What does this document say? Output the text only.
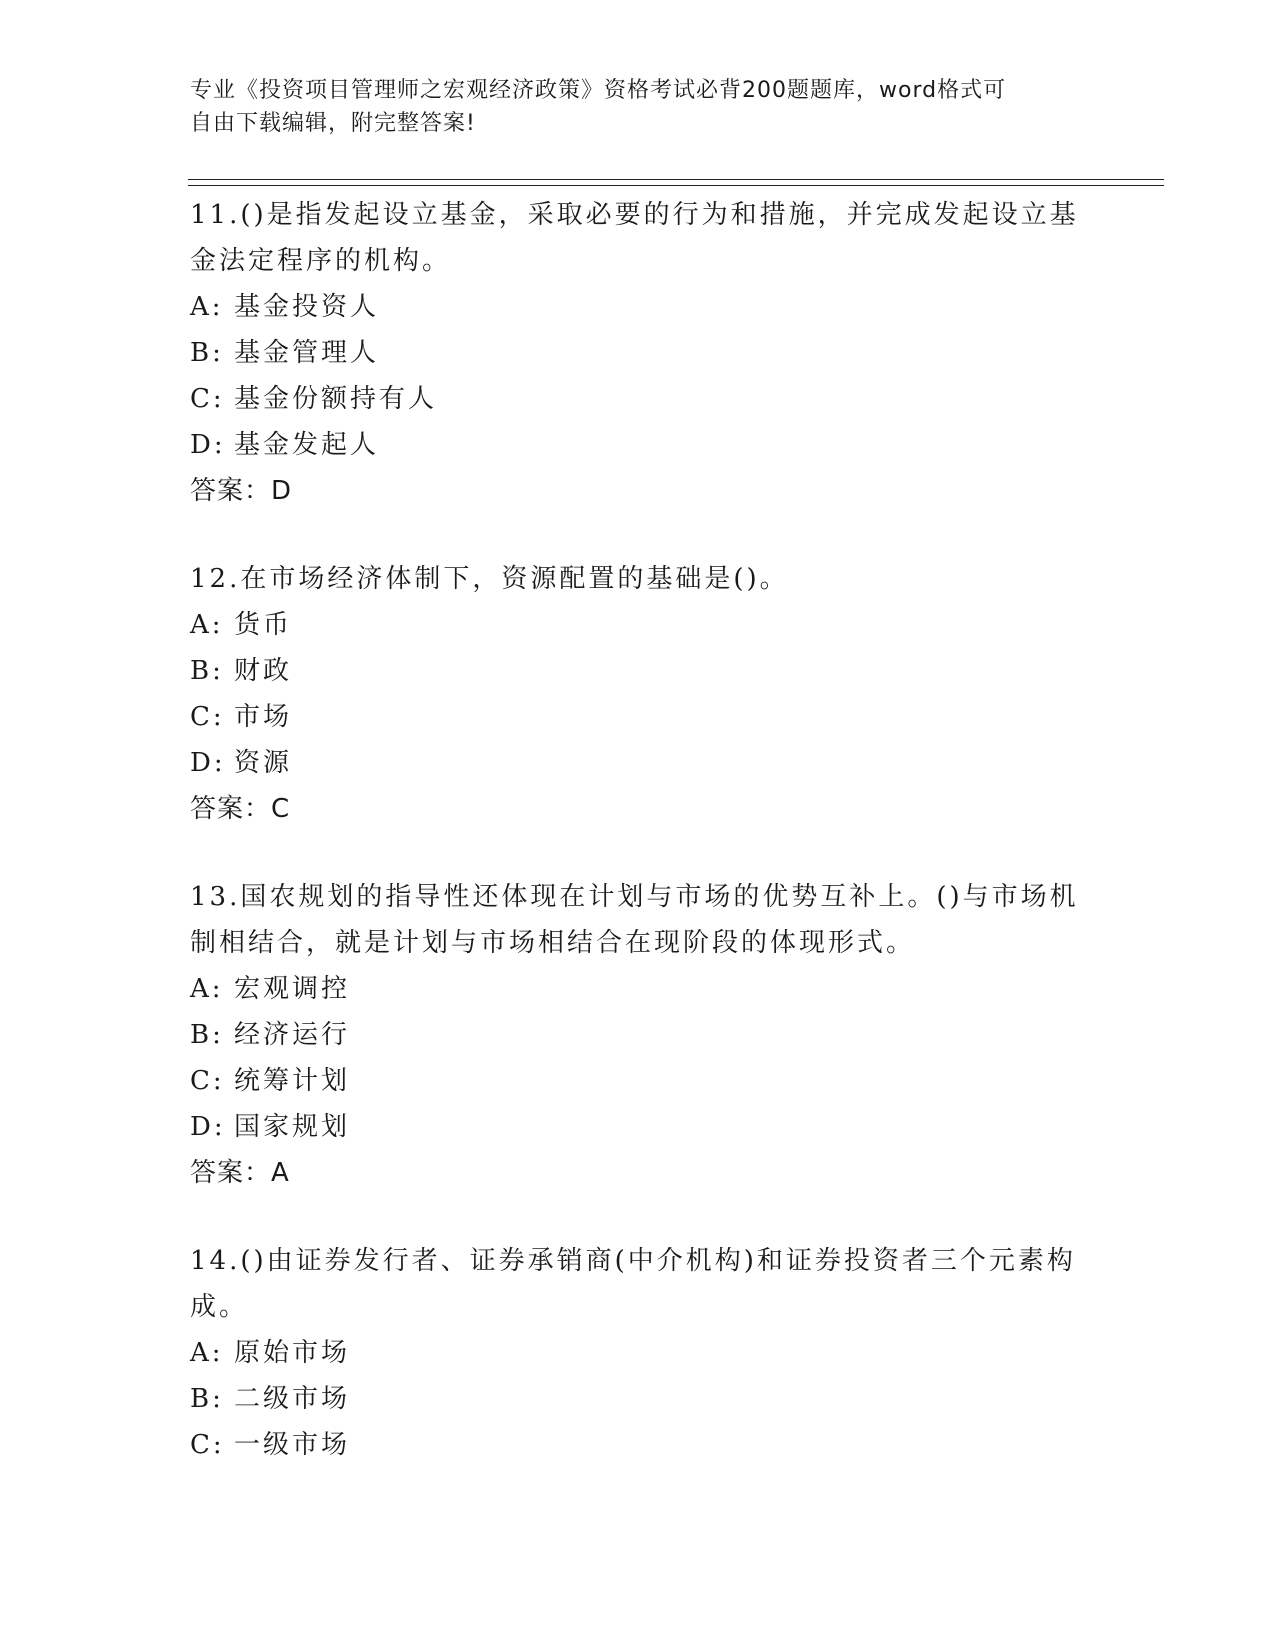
专业《投资项目管理师之宏观经济政策》资格考试必背200题题库，word格式可
自由下载编辑，附完整答案!
11.()是指发起设立基金，采取必要的行为和措施，并完成发起设立基金法定程序的机构。
A: 基金投资人
B: 基金管理人
C: 基金份额持有人
D: 基金发起人
答案：D
12.在市场经济体制下，资源配置的基础是()。
A: 货币
B: 财政
C: 市场
D: 资源
答案：C
13.国农规划的指导性还体现在计划与市场的优势互补上。()与市场机制相结合，就是计划与市场相结合在现阶段的体现形式。
A: 宏观调控
B: 经济运行
C: 统筹计划
D: 国家规划
答案：A
14.()由证券发行者、证券承销商(中介机构)和证券投资者三个元素构成。
A: 原始市场
B: 二级市场
C: 一级市场
